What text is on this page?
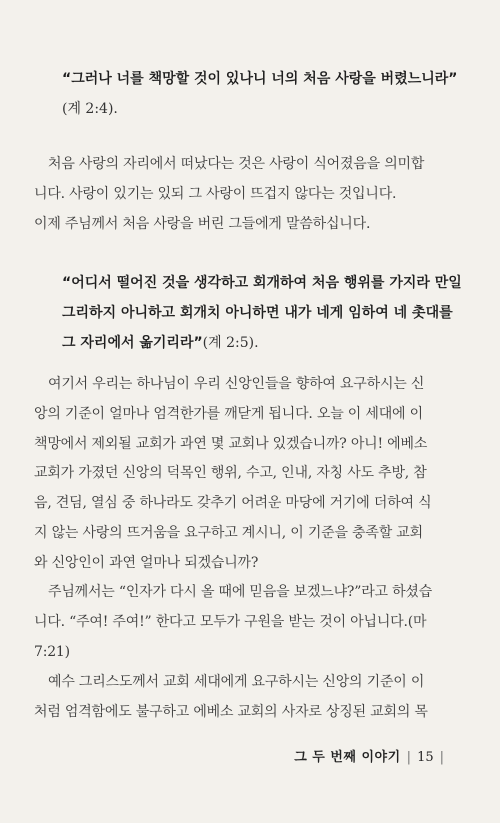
“그러나 너를 책망할 것이 있나니 너의 처음 사랑을 버렸느니라”
(계 2:4).
처음 사랑의 자리에서 떠났다는 것은 사랑이 식어졌음을 의미합
니다. 사랑이 있기는 있되 그 사랑이 뜨겁지 않다는 것입니다.
이제 주님께서 처음 사랑을 버린 그들에게 말씀하십니다.
“어디서 떨어진 것을 생각하고 회개하여 처음 행위를 가지라 만일
그리하지 아니하고 회개치 아니하면 내가 네게 임하여 네 촛대를
그 자리에서 옮기리라”(계 2:5).
여기서 우리는 하나님이 우리 신앙인들을 향하여 요구하시는 신
앙의 기준이 얼마나 엄격한가를 깨닫게 됩니다. 오늘 이 세대에 이
책망에서 제외될 교회가 과연 몇 교회나 있겠습니까? 아니! 에베소
교회가 가졌던 신앙의 덕목인 행위, 수고, 인내, 자칭 사도 추방, 참
음, 견딤, 열심 중 하나라도 갖추기 어려운 마당에 거기에 더하여 식
지 않는 사랑의 뜨거움을 요구하고 계시니, 이 기준을 충족할 교회
와 신앙인이 과연 얼마나 되겠습니까?
주님께서는 “인자가 다시 올 때에 믿음을 보겠느냐?”라고 하셨습
니다. “주여! 주여!” 한다고 모두가 구원을 받는 것이 아닙니다.(마
7:21)
예수 그리스도께서 교회 세대에게 요구하시는 신앙의 기준이 이
처럼 엄격함에도 불구하고 에베소 교회의 사자로 상징된 교회의 목
그 두 번째 이야기 | 15 |
